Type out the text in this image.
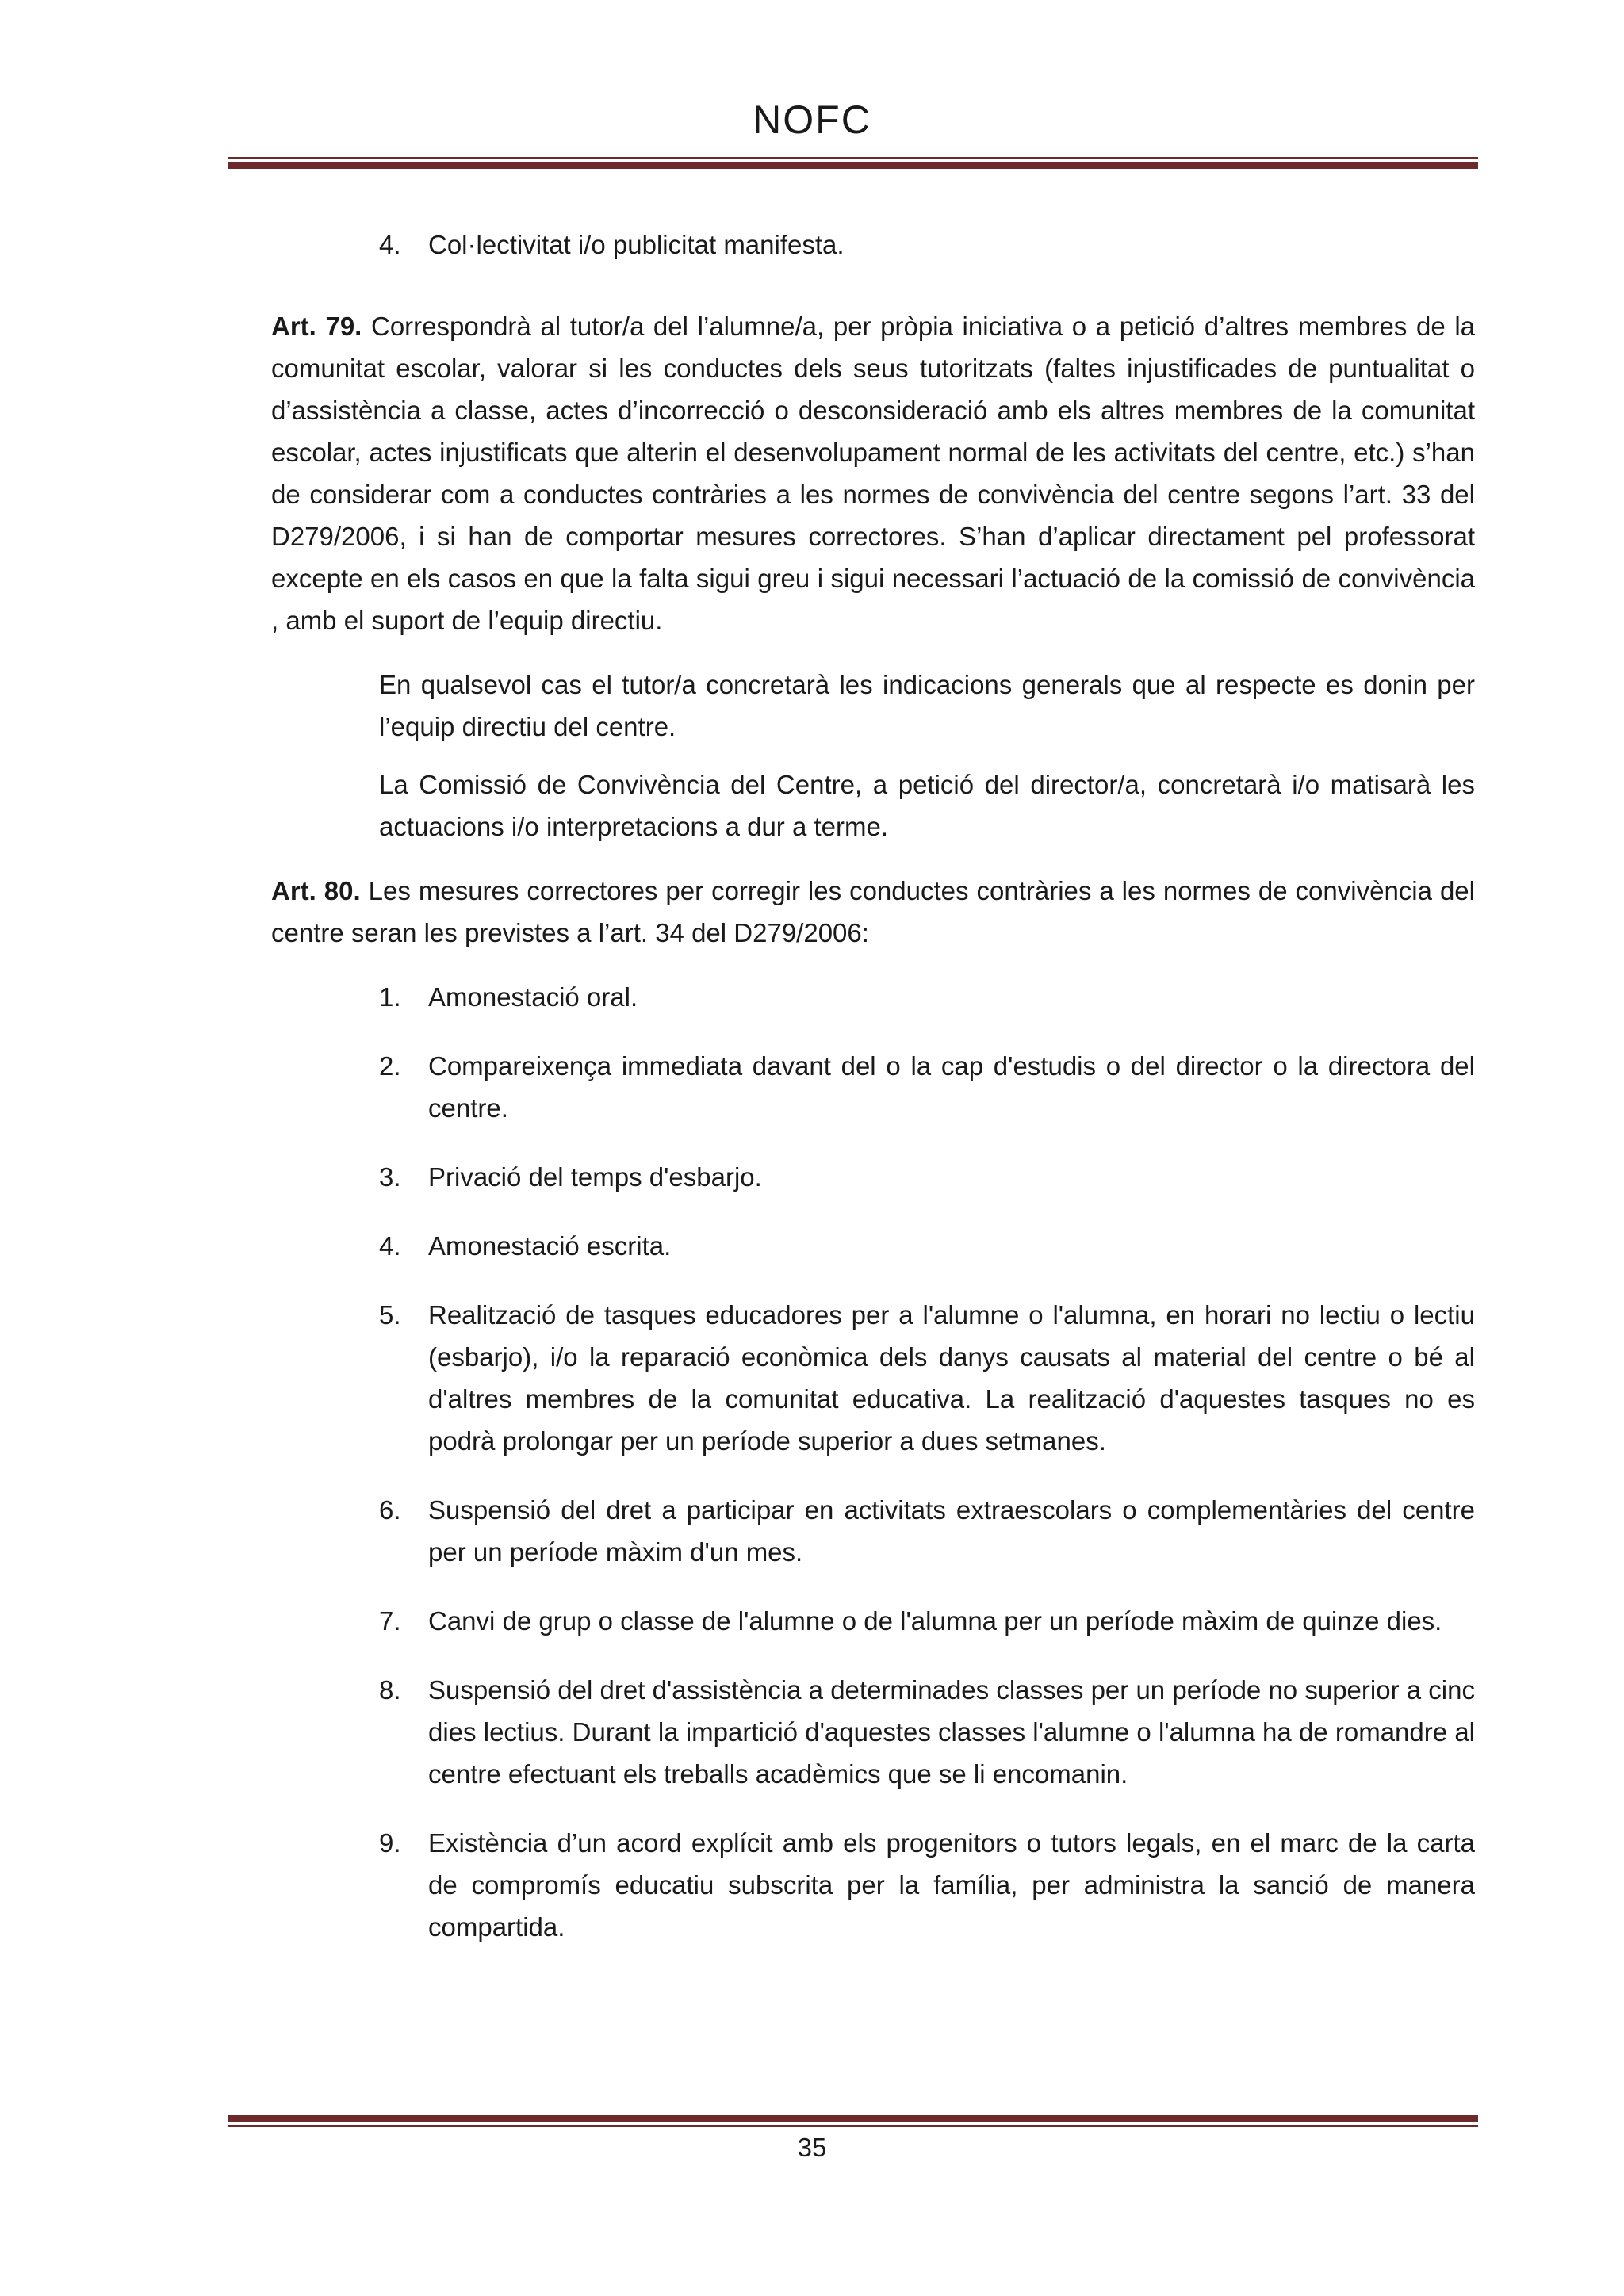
NOFC
4. Col·lectivitat i/o publicitat manifesta.

Art. 79. Correspondrà al tutor/a del l’alumne/a, per pròpia iniciativa o a petició d’altres membres de la comunitat escolar, valorar si les conductes dels seus tutoritzats (faltes injustificades de puntualitat o d’assistència a classe, actes d’incorrecció o desconsideració amb els altres membres de la comunitat escolar, actes injustificats que alterin el desenvolupament normal de les activitats del centre, etc.) s’han de considerar com a conductes contràries a les normes de convivència del centre segons l’art. 33 del D279/2006, i si han de comportar mesures correctores. S’han d’aplicar directament pel professorat excepte en els casos en que la falta sigui greu i sigui necessari l’actuació de la comissió de convivència , amb el suport de l’equip directiu.

En qualsevol cas el tutor/a concretarà les indicacions generals que al respecte es donin per l’equip directiu del centre.

La Comissió de Convivència del Centre, a petició del director/a, concretarà i/o matisarà les actuacions i/o interpretacions a dur a terme.

Art. 80. Les mesures correctores per corregir les conductes contràries a les normes de convivència del centre seran les previstes a l’art. 34 del D279/2006:

1. Amonestació oral.
2. Compareixença immediata davant del o la cap d'estudis o del director o la directora del centre.
3. Privació del temps d'esbarjo.
4. Amonestació escrita.
5. Realització de tasques educadores per a l'alumne o l'alumna, en horari no lectiu o lectiu (esbarjo), i/o la reparació econòmica dels danys causats al material del centre o bé al d'altres membres de la comunitat educativa. La realització d'aquestes tasques no es podrà prolongar per un període superior a dues setmanes.
6. Suspensió del dret a participar en activitats extraescolars o complementàries del centre per un període màxim d'un mes.
7. Canvi de grup o classe de l'alumne o de l'alumna per un període màxim de quinze dies.
8. Suspensió del dret d'assistència a determinades classes per un període no superior a cinc dies lectius. Durant la impartició d'aquestes classes l'alumne o l'alumna ha de romandre al centre efectuant els treballs acadèmics que se li encomanin.
9. Existència d’un acord explícit amb els progenitors o tutors legals, en el marc de la carta de compromís educatiu subscrita per la família, per administra la sanció de manera compartida.
35
